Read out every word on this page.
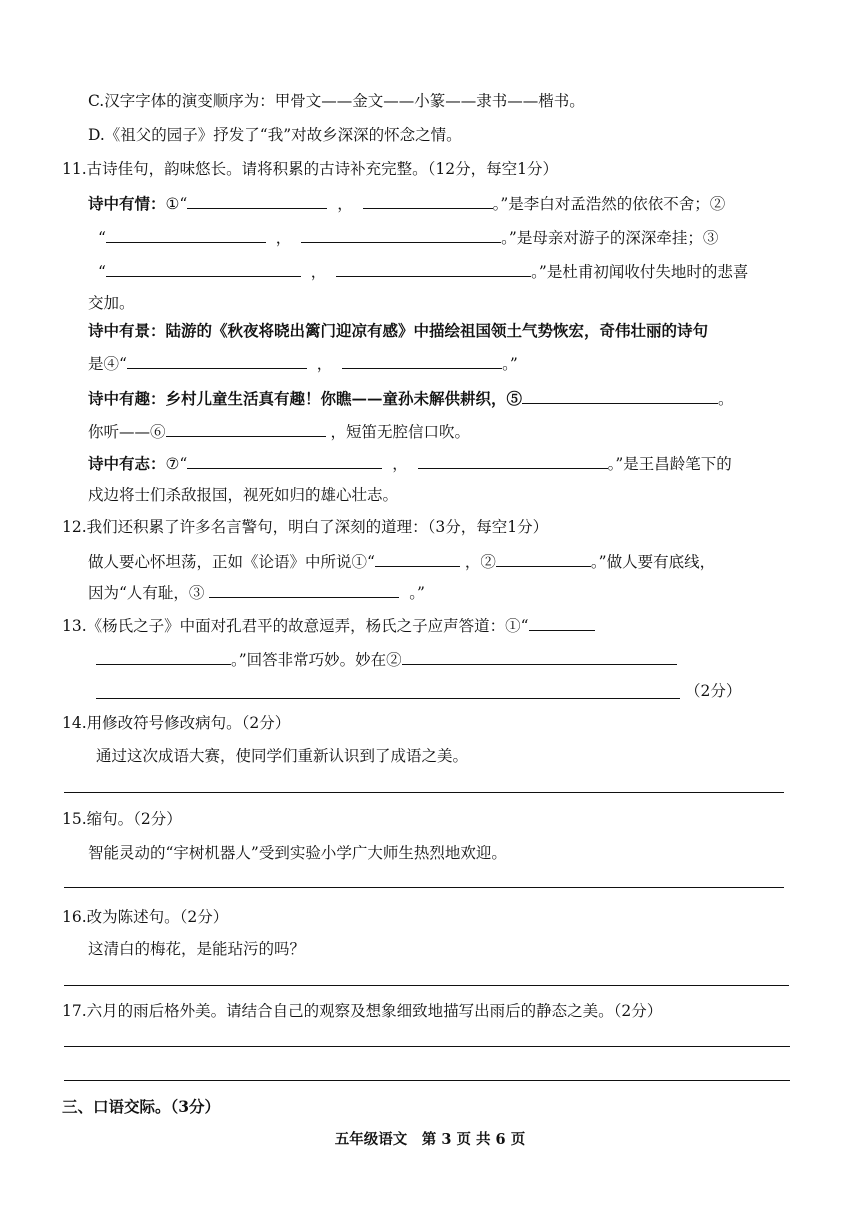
C.汉字字体的演变顺序为：甲骨文——金文——小篆——隶书——楷书。
D.《祖父的园子》抒发了“我”对故乡深深的怀念之情。
11.古诗佳句，韵味悠长。请将积累的古诗补充完整。（12分，每空1分）
诗中有情：①“	，	。”是李白对孟浩然的依依不舍；②
“	，	。”是母亲对游子的深深牵挂；③
“	，	。”是杜甫初闻收付失地时的悲喜
交加。
诗中有景：陆游的《秋夜将晓出篱门迎凉有感》中描绘祖国领土气势恢宏，奇伟壮丽的诗句
是④“	，	。”
诗中有趣：乡村儿童生活真有趣！你瞧——童孙未解供耕织，⑤	。
你听——⑥	，短笛无腔信口吹。
诗中有志：⑦“	，	。”是王昌龄笔下的
戍边将士们杀敌报国，视死如归的雄心壮志。
12.我们还积累了许多名言警句，明白了深刻的道理：（3分，每空1分）
做人要心怀坦荡，正如《论语》中所说①“	，②	。”做人要有底线，
因为“人有耻，③	。”
13.《杨氏之子》中面对孔君平的故意逗弄，杨氏之子应声答道：①“
。”回答非常巧妙。妙在②
（2分）
14.用修改符号修改病句。（2分）
通过这次成语大赛，使同学们重新认识到了成语之美。
15.缩句。（2分）
智能灵动的“宇树机器人”受到实验小学广大师生热烈地欢迎。
16.改为陈述句。（2分）
这清白的梅花，是能玷污的吗？
17.六月的雨后格外美。请结合自己的观察及想象细致地描写出雨后的静态之美。（2分）
三、口语交际。（3分）
五年级语文　第 3 页 共 6 页
